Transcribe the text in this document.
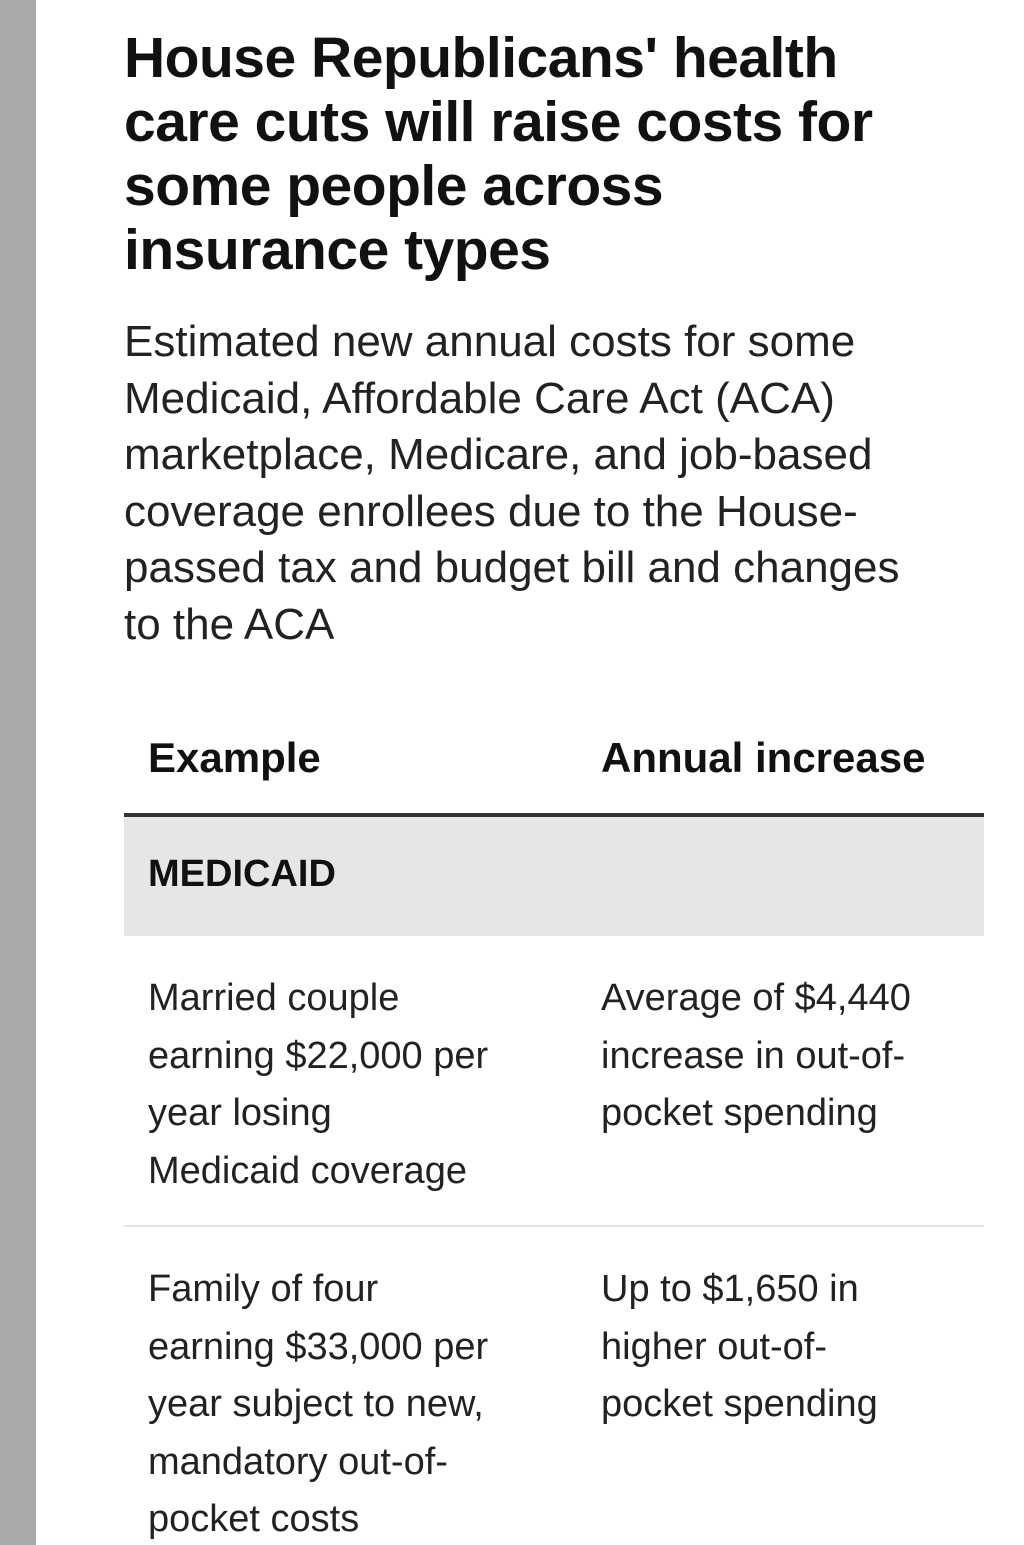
House Republicans' health
care cuts will raise costs for
some people across
insurance types

Estimated new annual costs for some
Medicaid, Affordable Care Act (ACA)
marketplace, Medicare, and job-based
coverage enrollees due to the House-
passed tax and budget bill and changes
to the ACA

Example	Annual increase
MEDICAID
Married couple
earning $22,000 per
year losing
Medicaid coverage
Average of $4,440
increase in out-of-
pocket spending
Family of four
earning $33,000 per
year subject to new,
mandatory out-of-
pocket costs
Up to $1,650 in
higher out-of-
pocket spending
